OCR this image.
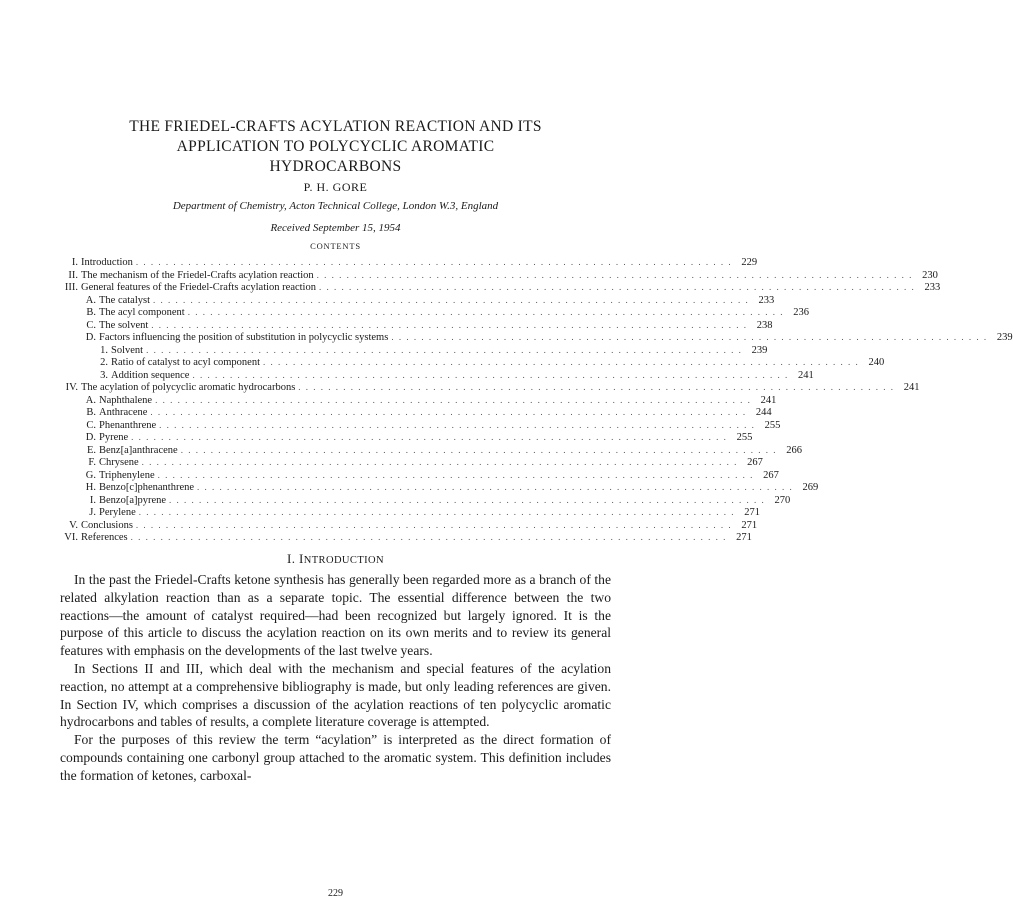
THE FRIEDEL-CRAFTS ACYLATION REACTION AND ITS
APPLICATION TO POLYCYCLIC AROMATIC
HYDROCARBONS
P. H. GORE
Department of Chemistry, Acton Technical College, London W.3, England
Received September 15, 1954
CONTENTS
I. Introduction . . . . . . . . . . . . . . . . . . . . . . . . . . . . . . . . . . . . . . . . . . . . . . . . . . . . . . . . . . . . . . . . . . . . . . . . . . . . . . . . 229
II. The mechanism of the Friedel-Crafts acylation reaction . . . . . . . . . . . . . . . . . . . . . . . . . . . . . . . . . . . . . . . . . . . . . . . . . . . . . . . . . . . . . . . . . . . . . . . . . . . . . . . . 230
III. General features of the Friedel-Crafts acylation reaction . . . . . . . . . . . . . . . . . . . . . . . . . . . . . . . . . . . . . . . . . . . . . . . . . . . . . . . . . . . . . . . . . . . . . . . . . . . . . . . . 233
A. The catalyst . . . . . . . . . . . . . . . . . . . . . . . . . . . . . . . . . . . . . . . . . . . . . . . . . . . . . . . . . . . . . . . . . . . . . . . . . . . . . . . . 233
B. The acyl component . . . . . . . . . . . . . . . . . . . . . . . . . . . . . . . . . . . . . . . . . . . . . . . . . . . . . . . . . . . . . . . . . . . . . . . . . . . . . . . . 236
C. The solvent . . . . . . . . . . . . . . . . . . . . . . . . . . . . . . . . . . . . . . . . . . . . . . . . . . . . . . . . . . . . . . . . . . . . . . . . . . . . . . . . 238
D. Factors influencing the position of substitution in polycyclic systems . . . . . . . . . . . . . . . . . . . . . . . . . . . . . . . . . . . . . . . . . . . . . . . . . . . . . . . . . . . . . . . . . . . . . . . . . . . . . . . . 239
1. Solvent . . . . . . . . . . . . . . . . . . . . . . . . . . . . . . . . . . . . . . . . . . . . . . . . . . . . . . . . . . . . . . . . . . . . . . . . . . . . . . . . 239
2. Ratio of catalyst to acyl component . . . . . . . . . . . . . . . . . . . . . . . . . . . . . . . . . . . . . . . . . . . . . . . . . . . . . . . . . . . . . . . . . . . . . . . . . . . . . . . . 240
3. Addition sequence . . . . . . . . . . . . . . . . . . . . . . . . . . . . . . . . . . . . . . . . . . . . . . . . . . . . . . . . . . . . . . . . . . . . . . . . . . . . . . . . 241
IV. The acylation of polycyclic aromatic hydrocarbons . . . . . . . . . . . . . . . . . . . . . . . . . . . . . . . . . . . . . . . . . . . . . . . . . . . . . . . . . . . . . . . . . . . . . . . . . . . . . . . . 241
A. Naphthalene . . . . . . . . . . . . . . . . . . . . . . . . . . . . . . . . . . . . . . . . . . . . . . . . . . . . . . . . . . . . . . . . . . . . . . . . . . . . . . . . 241
B. Anthracene . . . . . . . . . . . . . . . . . . . . . . . . . . . . . . . . . . . . . . . . . . . . . . . . . . . . . . . . . . . . . . . . . . . . . . . . . . . . . . . . 244
C. Phenanthrene . . . . . . . . . . . . . . . . . . . . . . . . . . . . . . . . . . . . . . . . . . . . . . . . . . . . . . . . . . . . . . . . . . . . . . . . . . . . . . . . 255
D. Pyrene . . . . . . . . . . . . . . . . . . . . . . . . . . . . . . . . . . . . . . . . . . . . . . . . . . . . . . . . . . . . . . . . . . . . . . . . . . . . . . . . 255
E. Benz[a]anthracene . . . . . . . . . . . . . . . . . . . . . . . . . . . . . . . . . . . . . . . . . . . . . . . . . . . . . . . . . . . . . . . . . . . . . . . . . . . . . . . . 266
F. Chrysene . . . . . . . . . . . . . . . . . . . . . . . . . . . . . . . . . . . . . . . . . . . . . . . . . . . . . . . . . . . . . . . . . . . . . . . . . . . . . . . . 267
G. Triphenylene . . . . . . . . . . . . . . . . . . . . . . . . . . . . . . . . . . . . . . . . . . . . . . . . . . . . . . . . . . . . . . . . . . . . . . . . . . . . . . . . 267
H. Benzo[c]phenanthrene . . . . . . . . . . . . . . . . . . . . . . . . . . . . . . . . . . . . . . . . . . . . . . . . . . . . . . . . . . . . . . . . . . . . . . . . . . . . . . . . 269
I. Benzo[a]pyrene . . . . . . . . . . . . . . . . . . . . . . . . . . . . . . . . . . . . . . . . . . . . . . . . . . . . . . . . . . . . . . . . . . . . . . . . . . . . . . . . 270
J. Perylene . . . . . . . . . . . . . . . . . . . . . . . . . . . . . . . . . . . . . . . . . . . . . . . . . . . . . . . . . . . . . . . . . . . . . . . . . . . . . . . . 271
V. Conclusions . . . . . . . . . . . . . . . . . . . . . . . . . . . . . . . . . . . . . . . . . . . . . . . . . . . . . . . . . . . . . . . . . . . . . . . . . . . . . . . . 271
VI. References . . . . . . . . . . . . . . . . . . . . . . . . . . . . . . . . . . . . . . . . . . . . . . . . . . . . . . . . . . . . . . . . . . . . . . . . . . . . . . . . 271
I. INTRODUCTION

In the past the Friedel-Crafts ketone synthesis has generally been regarded more as a branch of the related alkylation reaction than as a separate topic. The essential difference between the two reactions—the amount of catalyst required—had been recognized but largely ignored. It is the purpose of this article to discuss the acylation reaction on its own merits and to review its general features with emphasis on the developments of the last twelve years.

In Sections II and III, which deal with the mechanism and special features of the acylation reaction, no attempt at a comprehensive bibliography is made, but only leading references are given. In Section IV, which comprises a discussion of the acylation reactions of ten polycyclic aromatic hydrocarbons and tables of results, a complete literature coverage is attempted.

For the purposes of this review the term “acylation” is interpreted as the direct formation of compounds containing one carbonyl group attached to the aromatic system. This definition includes the formation of ketones, carboxal-

229
